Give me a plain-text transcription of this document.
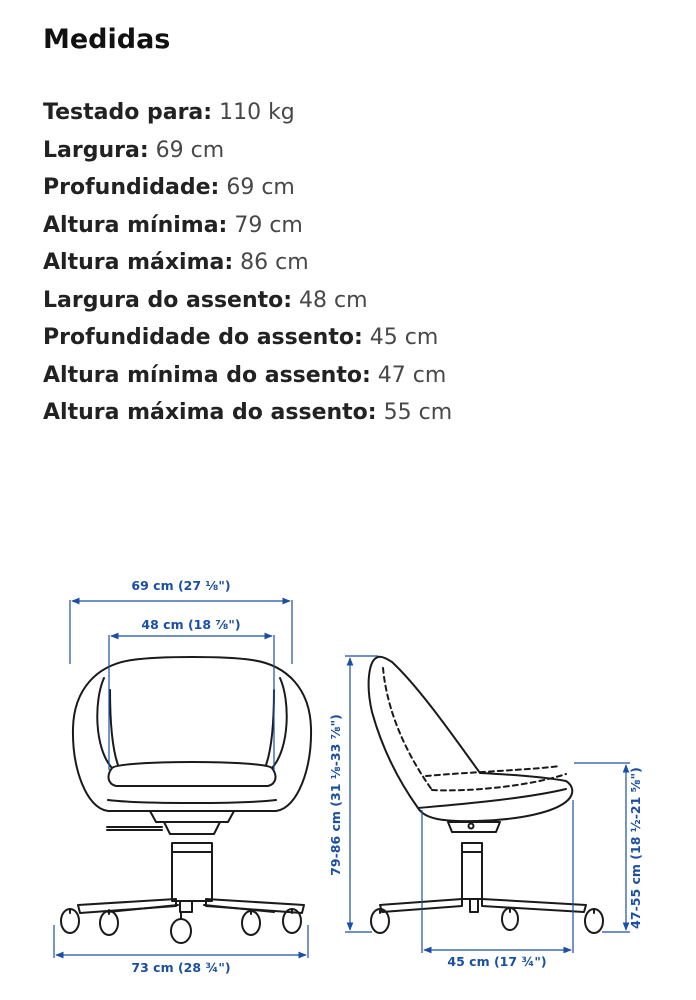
Medidas
Testado para: 110 kg
Largura: 69 cm
Profundidade: 69 cm
Altura mínima: 79 cm
Altura máxima: 86 cm
Largura do assento: 48 cm
Profundidade do assento: 45 cm
Altura mínima do assento: 47 cm
Altura máxima do assento: 55 cm
69 cm (27 ⅛")
48 cm (18 ⅞")
73 cm (28 ¾")
79-86 cm (31 ⅛-33 ⅞")	47-55 cm (18 ½-21 ⅝")
45 cm (17 ¾")
